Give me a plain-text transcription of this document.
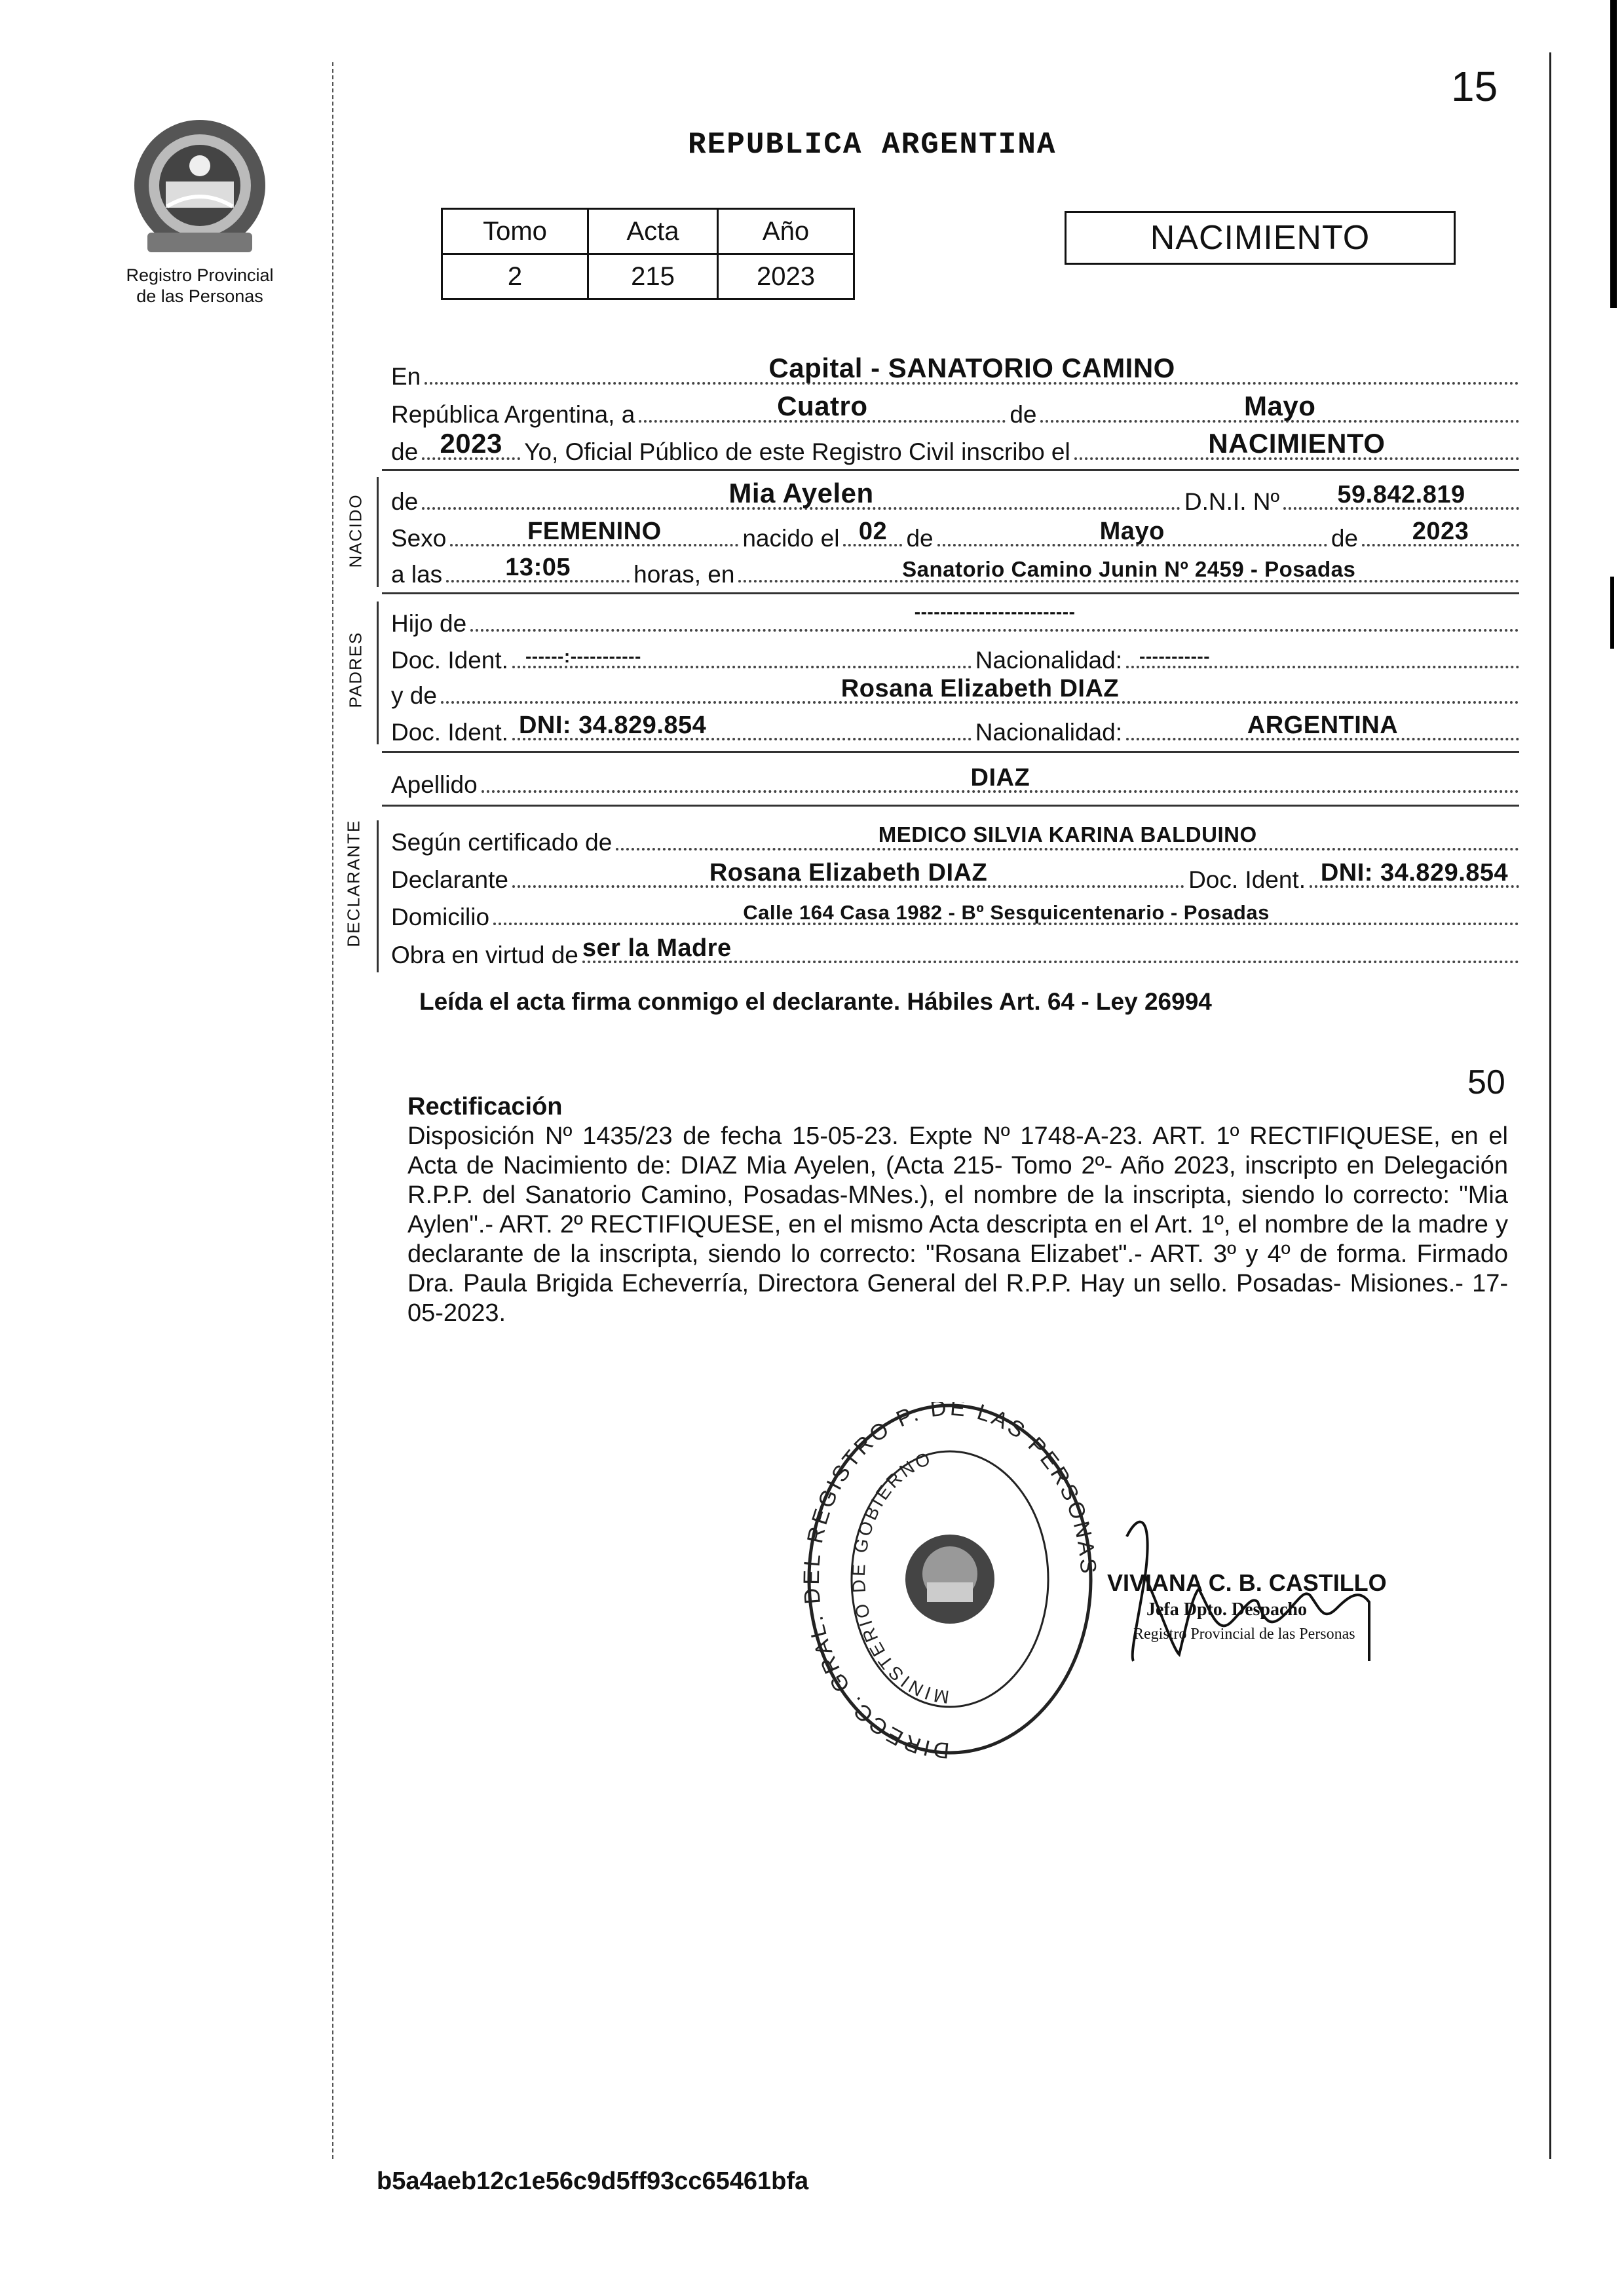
15
Registro Provincial
de las Personas
REPUBLICA ARGENTINA
Tomo	Acta	Año
2	215	2023
NACIMIENTO
En	Capital - SANATORIO CAMINO
República Argentina, a	Cuatro	de	Mayo
de 2023 Yo, Oficial Público de este Registro Civil inscribo el	NACIMIENTO
NACIDO de	Mia Ayelen	D.N.I. Nº	59.842.819
Sexo	FEMENINO	nacido el 02 de	Mayo	de	2023
a las	13:05	horas, en	Sanatorio Camino Junin Nº 2459 - Posadas
PADRES
Hijo de	-------------------------
Doc. Ident. ------:-----------	Nacionalidad: -----------
y de	Rosana Elizabeth DIAZ
Doc. Ident. DNI: 34.829.854	Nacionalidad:	ARGENTINA
Apellido	DIAZ
DECLARANTE Según certificado de	MEDICO SILVIA KARINA BALDUINO
Declarante	Rosana Elizabeth DIAZ	Doc. Ident. DNI: 34.829.854
Domicilio	Calle 164 Casa 1982 - Bº Sesquicentenario - Posadas
Obra en virtud de ser la Madre
Leída el acta firma conmigo el declarante. Hábiles Art. 64 - Ley 26994
50
Rectificación
Disposición Nº 1435/23 de fecha 15-05-23. Expte Nº 1748-A-23. ART. 1º RECTIFIQUESE, en el Acta de Nacimiento de: DIAZ Mia Ayelen, (Acta 215- Tomo 2º- Año 2023, inscripto en Delegación R.P.P. del Sanatorio Camino, Posadas-MNes.), el nombre de la inscripta, siendo lo correcto: "Mia Aylen".- ART. 2º RECTIFIQUESE, en el mismo Acta descripta en el Art. 1º, el nombre de la madre y declarante de la inscripta, siendo lo correcto: "Rosana Elizabet".- ART. 3º y 4º de forma. Firmado Dra. Paula Brigida Echeverría, Directora General del R.P.P. Hay un sello. Posadas- Misiones.- 17-05-2023.
DIRECC. GRAL. DEL REGISTRO P. DE LAS PERSONAS
MINISTERIO DE GOBIERNO
VIVIANA C. B. CASTILLO
Jefa Dpto. Despacho
Registro Provincial de las Personas
b5a4aeb12c1e56c9d5ff93cc65461bfa
